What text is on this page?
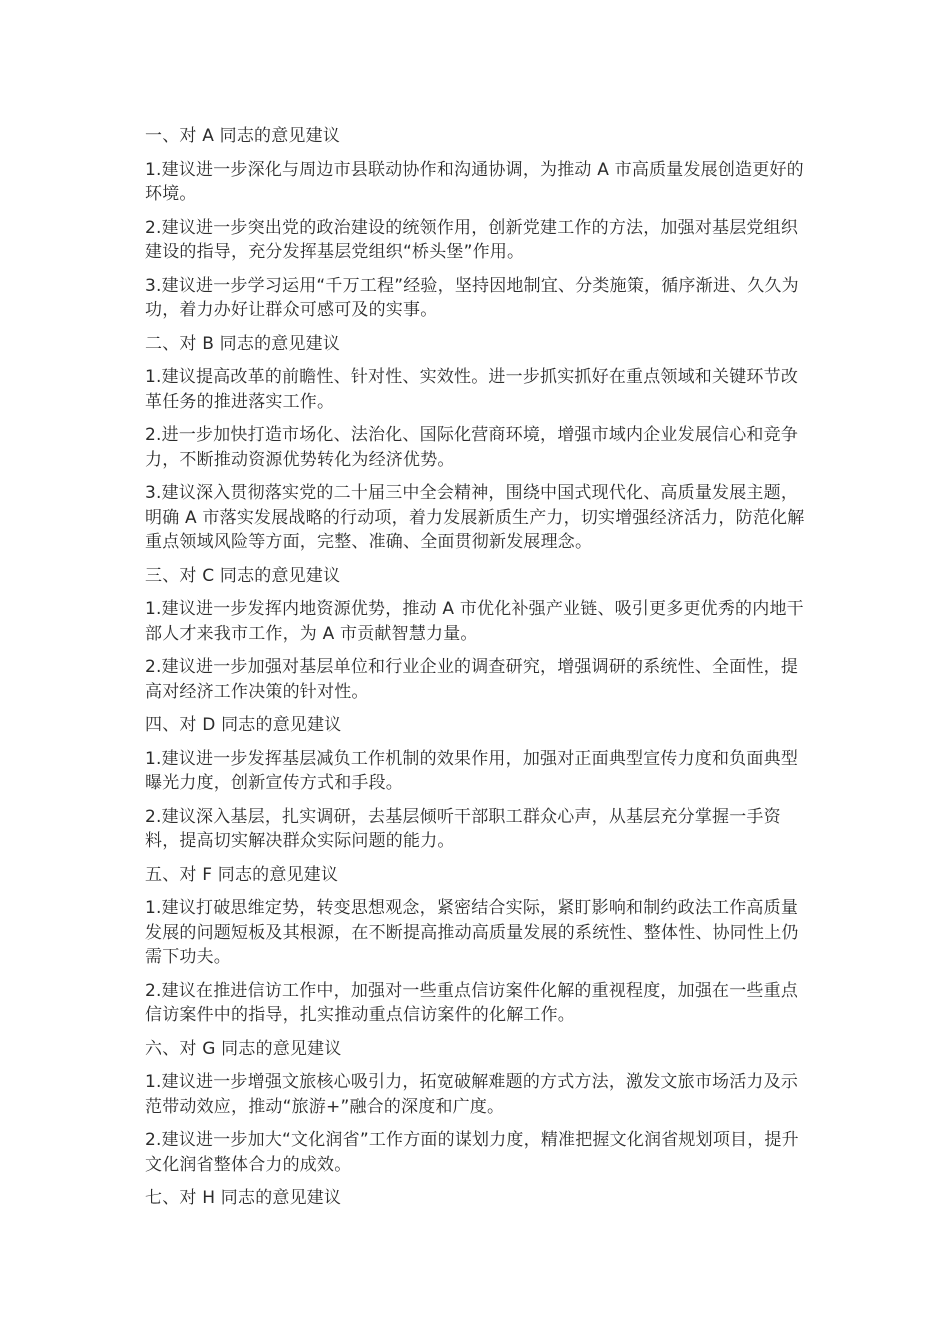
一、对 A 同志的意见建议

1.建议进一步深化与周边市县联动协作和沟通协调，为推动 A 市高质量发展创造更好的环境。

2.建议进一步突出党的政治建设的统领作用，创新党建工作的方法，加强对基层党组织建设的指导，充分发挥基层党组织“桥头堡”作用。

3.建议进一步学习运用“千万工程”经验，坚持因地制宜、分类施策，循序渐进、久久为功，着力办好让群众可感可及的实事。

二、对 B 同志的意见建议

1.建议提高改革的前瞻性、针对性、实效性。进一步抓实抓好在重点领域和关键环节改革任务的推进落实工作。

2.进一步加快打造市场化、法治化、国际化营商环境，增强市域内企业发展信心和竞争力，不断推动资源优势转化为经济优势。

3.建议深入贯彻落实党的二十届三中全会精神，围绕中国式现代化、高质量发展主题，明确 A 市落实发展战略的行动项，着力发展新质生产力，切实增强经济活力，防范化解重点领域风险等方面，完整、准确、全面贯彻新发展理念。

三、对 C 同志的意见建议

1.建议进一步发挥内地资源优势，推动 A 市优化补强产业链、吸引更多更优秀的内地干部人才来我市工作，为 A 市贡献智慧力量。

2.建议进一步加强对基层单位和行业企业的调查研究，增强调研的系统性、全面性，提高对经济工作决策的针对性。

四、对 D 同志的意见建议

1.建议进一步发挥基层减负工作机制的效果作用，加强对正面典型宣传力度和负面典型曝光力度，创新宣传方式和手段。

2.建议深入基层，扎实调研，去基层倾听干部职工群众心声，从基层充分掌握一手资料，提高切实解决群众实际问题的能力。

五、对 F 同志的意见建议

1.建议打破思维定势，转变思想观念，紧密结合实际，紧盯影响和制约政法工作高质量发展的问题短板及其根源，在不断提高推动高质量发展的系统性、整体性、协同性上仍需下功夫。

2.建议在推进信访工作中，加强对一些重点信访案件化解的重视程度，加强在一些重点信访案件中的指导，扎实推动重点信访案件的化解工作。

六、对 G 同志的意见建议

1.建议进一步增强文旅核心吸引力，拓宽破解难题的方式方法，激发文旅市场活力及示范带动效应，推动“旅游+”融合的深度和广度。

2.建议进一步加大“文化润省”工作方面的谋划力度，精准把握文化润省规划项目，提升文化润省整体合力的成效。

七、对 H 同志的意见建议
